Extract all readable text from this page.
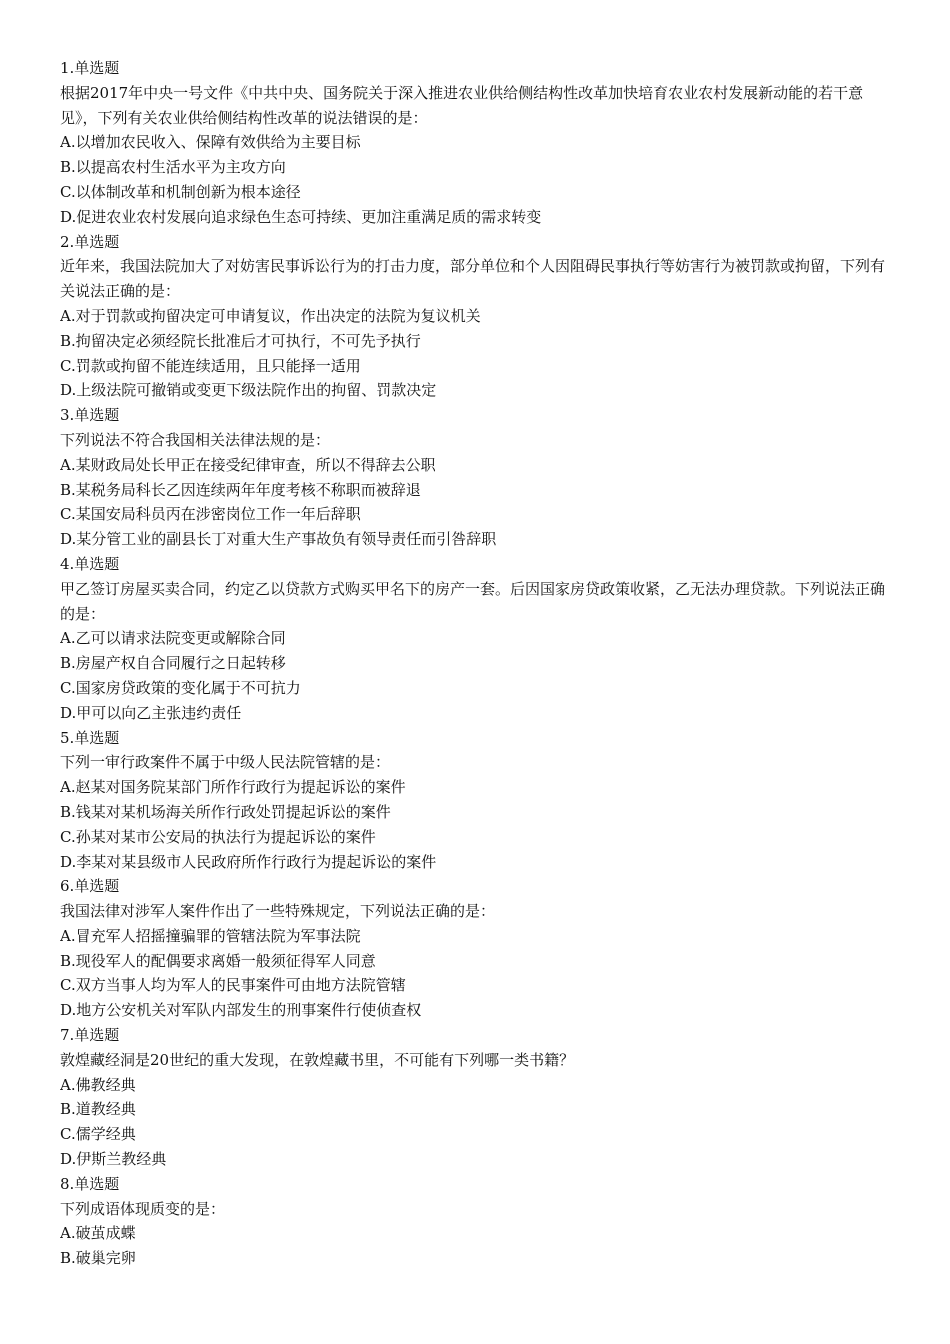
1.单选题
根据2017年中央一号文件《中共中央、国务院关于深入推进农业供给侧结构性改革加快培育农业农村发展新动能的若干意见》，下列有关农业供给侧结构性改革的说法错误的是：
A.以增加农民收入、保障有效供给为主要目标
B.以提高农村生活水平为主攻方向
C.以体制改革和机制创新为根本途径
D.促进农业农村发展向追求绿色生态可持续、更加注重满足质的需求转变
2.单选题
近年来，我国法院加大了对妨害民事诉讼行为的打击力度，部分单位和个人因阻碍民事执行等妨害行为被罚款或拘留，下列有关说法正确的是：
A.对于罚款或拘留决定可申请复议，作出决定的法院为复议机关
B.拘留决定必须经院长批准后才可执行，不可先予执行
C.罚款或拘留不能连续适用，且只能择一适用
D.上级法院可撤销或变更下级法院作出的拘留、罚款决定
3.单选题
下列说法不符合我国相关法律法规的是：
A.某财政局处长甲正在接受纪律审查，所以不得辞去公职
B.某税务局科长乙因连续两年年度考核不称职而被辞退
C.某国安局科员丙在涉密岗位工作一年后辞职
D.某分管工业的副县长丁对重大生产事故负有领导责任而引咎辞职
4.单选题
甲乙签订房屋买卖合同，约定乙以贷款方式购买甲名下的房产一套。后因国家房贷政策收紧，乙无法办理贷款。下列说法正确的是：
A.乙可以请求法院变更或解除合同
B.房屋产权自合同履行之日起转移
C.国家房贷政策的变化属于不可抗力
D.甲可以向乙主张违约责任
5.单选题
下列一审行政案件不属于中级人民法院管辖的是：
A.赵某对国务院某部门所作行政行为提起诉讼的案件
B.钱某对某机场海关所作行政处罚提起诉讼的案件
C.孙某对某市公安局的执法行为提起诉讼的案件
D.李某对某县级市人民政府所作行政行为提起诉讼的案件
6.单选题
我国法律对涉军人案件作出了一些特殊规定，下列说法正确的是：
A.冒充军人招摇撞骗罪的管辖法院为军事法院
B.现役军人的配偶要求离婚一般须征得军人同意
C.双方当事人均为军人的民事案件可由地方法院管辖
D.地方公安机关对军队内部发生的刑事案件行使侦查权
7.单选题
敦煌藏经洞是20世纪的重大发现，在敦煌藏书里，不可能有下列哪一类书籍？
A.佛教经典
B.道教经典
C.儒学经典
D.伊斯兰教经典
8.单选题
下列成语体现质变的是：
A.破茧成蝶
B.破巢完卵
